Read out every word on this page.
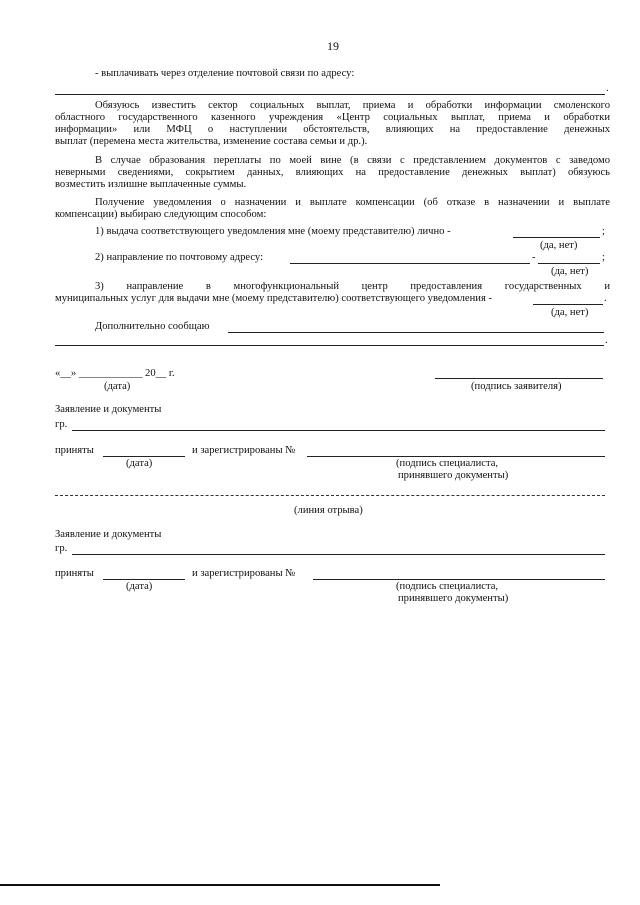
19
- выплачивать через отделение почтовой связи по адресу:
.
Обязуюсь известить сектор социальных выплат, приема и обработки информации смоленского
областного государственного казенного учреждения «Центр социальных выплат, приема и обработки
информации» или МФЦ о наступлении обстоятельств, влияющих на предоставление денежных
выплат (перемена места жительства, изменение состава семьи и др.).
В случае образования переплаты по моей вине (в связи с представлением документов с заведомо
неверными сведениями, сокрытием данных, влияющих на предоставление денежных выплат) обязуюсь
возместить излишне выплаченные суммы.
Получение уведомления о назначении и выплате компенсации (об отказе в назначении и выплате
компенсации) выбираю следующим способом:
1) выдача соответствующего уведомления мне (моему представителю) лично -	;
(да, нет)
2) направление по почтовому адресу:	-	;
(да, нет)
3) направление в многофункциональный центр предоставления государственных и
муниципальных услуг для выдачи мне (моему представителю) соответствующего уведомления -	.
(да, нет)
Дополнительно сообщаю
.
«__» ____________ 20__ г.
(дата)	(подпись заявителя)
Заявление и документы
гр.
приняты	и зарегистрированы №
(дата)	(подпись специалиста,
принявшего документы)
(линия отрыва)
Заявление и документы
гр.
приняты	и зарегистрированы №
(дата)	(подпись специалиста,
принявшего документы)
